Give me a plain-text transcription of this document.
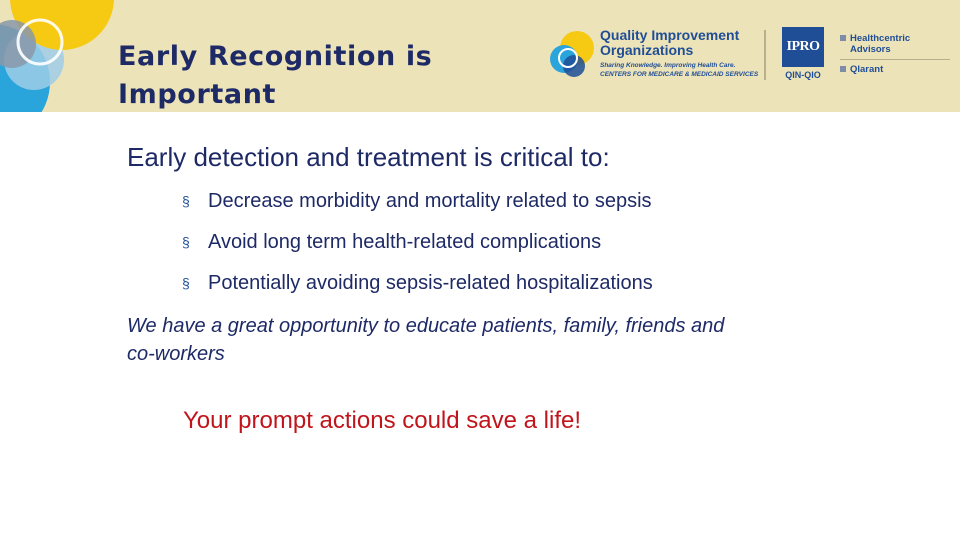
Early Recognition is
Important
Quality Improvement
Organizations
Sharing Knowledge. Improving Health Care.
CENTERS FOR MEDICARE & MEDICAID SERVICES
IPRO
QIN-QIO
Healthcentric
Advisors
Qlarant
Early detection and treatment is critical to:
§ Decrease morbidity and mortality related to sepsis
§ Avoid long term health-related complications
§ Potentially avoiding sepsis-related hospitalizations
We have a great opportunity to educate patients, family, friends and
co-workers
Your prompt actions could save a life!
